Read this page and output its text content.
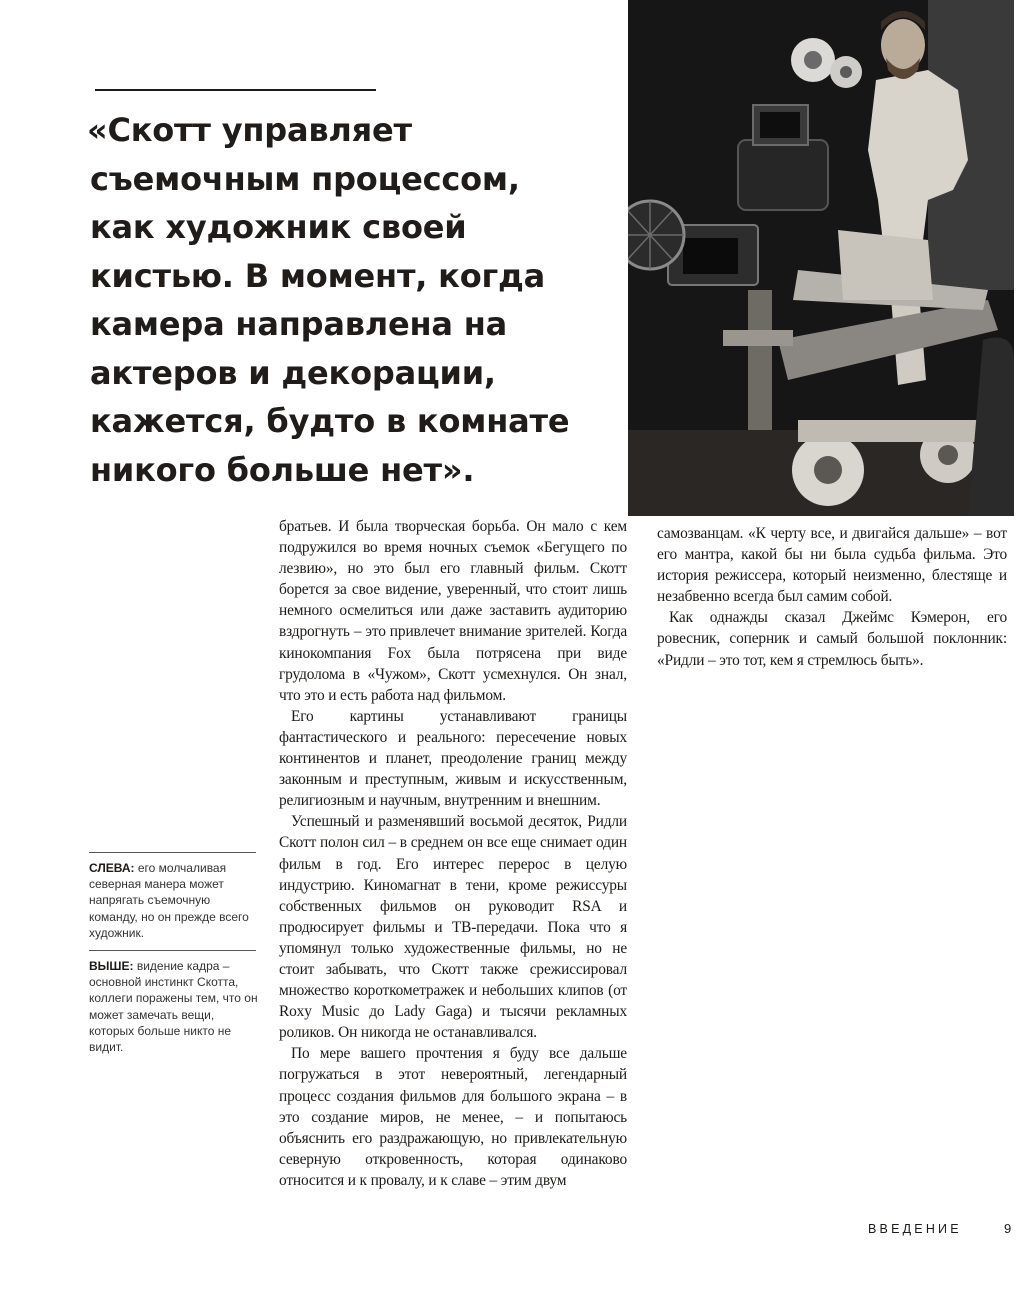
«Скотт управляет
съемочным процессом,
как художник своей
кистью. В момент, когда
камера направлена на
актеров и декорации,
кажется, будто в комнате
никого больше нет».

братьев. И была творческая борьба. Он мало с кем подружился во время ночных съемок «Бегущего по лезвию», но это был его главный фильм. Скотт борется за свое видение, уверенный, что стоит лишь немного осмелиться или даже заставить аудиторию вздрогнуть – это привлечет внимание зрителей. Когда кинокомпания Fox была потрясена при виде грудолома в «Чужом», Скотт усмехнулся. Он знал, что это и есть работа над фильмом.

Его картины устанавливают границы фантастического и реального: пересечение новых континентов и планет, преодоление границ между законным и преступным, живым и искусственным, религиозным и научным, внутренним и внешним.

Успешный и разменявший восьмой десяток, Ридли Скотт полон сил – в среднем он все еще снимает один фильм в год. Его интерес перерос в целую индустрию. Киномагнат в тени, кроме режиссуры собственных фильмов он руководит RSA и продюсирует фильмы и ТВ-передачи. Пока что я упомянул только художественные фильмы, но не стоит забывать, что Скотт также срежиссировал множество короткометражек и небольших клипов (от Roxy Music до Lady Gaga) и тысячи рекламных роликов. Он никогда не останавливался.

По мере вашего прочтения я буду все дальше погружаться в этот невероятный, легендарный процесс создания фильмов для большого экрана – в это создание миров, не менее, – и попытаюсь объяснить его раздражающую, но привлекательную северную откровенность, которая одинаково относится и к провалу, и к славе – этим двум

самозванцам. «К черту все, и двигайся дальше» – вот его мантра, какой бы ни была судьба фильма. Это история режиссера, который неизменно, блестяще и незабвенно всегда был самим собой.

Как однажды сказал Джеймс Кэмерон, его ровесник, соперник и самый большой поклонник: «Ридли – это тот, кем я стремлюсь быть».

СЛЕВА: его молчаливая северная манера может напрягать съемочную команду, но он прежде всего художник.
ВЫШЕ: видение кадра – основной инстинкт Скотта, коллеги поражены тем, что он может замечать вещи, которых больше никто не видит.
ВВЕДЕНИЕ	9
